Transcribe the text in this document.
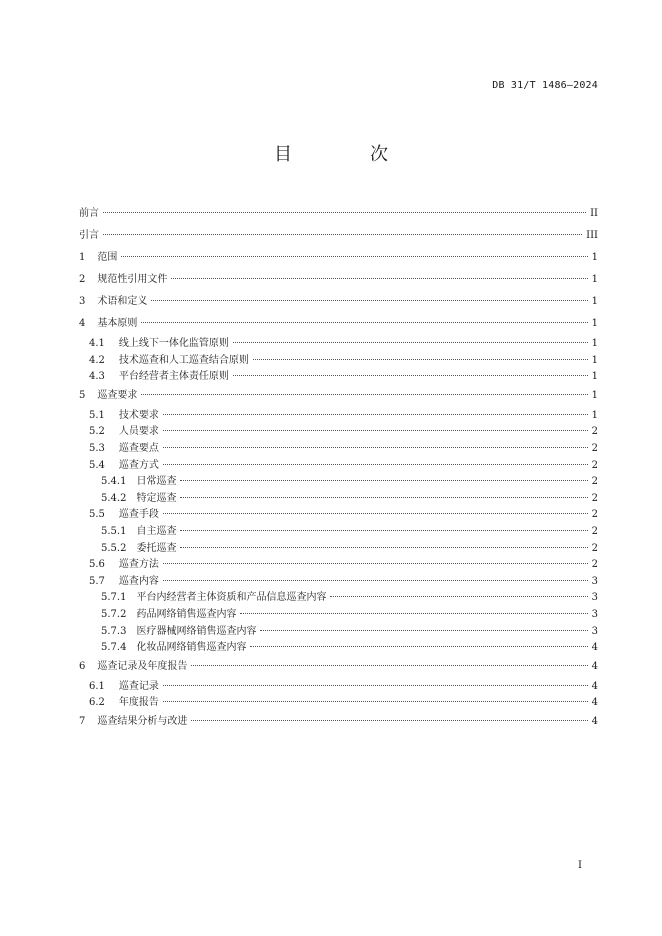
DB 31/T 1486—2024
目　次
前言	II
引言	III
1 范围	1
2 规范性引用文件	1
3 术语和定义	1
4 基本原则	1
4.1 线上线下一体化监管原则	1
4.2 技术巡查和人工巡查结合原则	1
4.3 平台经营者主体责任原则	1
5 巡查要求	1
5.1 技术要求	1
5.2 人员要求	2
5.3 巡查要点	2
5.4 巡查方式	2
5.4.1 日常巡查	2
5.4.2 特定巡查	2
5.5 巡查手段	2
5.5.1 自主巡查	2
5.5.2 委托巡查	2
5.6 巡查方法	2
5.7 巡查内容	3
5.7.1 平台内经营者主体资质和产品信息巡查内容	3
5.7.2 药品网络销售巡查内容	3
5.7.3 医疗器械网络销售巡查内容	3
5.7.4 化妆品网络销售巡查内容	4
6 巡查记录及年度报告	4
6.1 巡查记录	4
6.2 年度报告	4
7 巡查结果分析与改进	4
I
